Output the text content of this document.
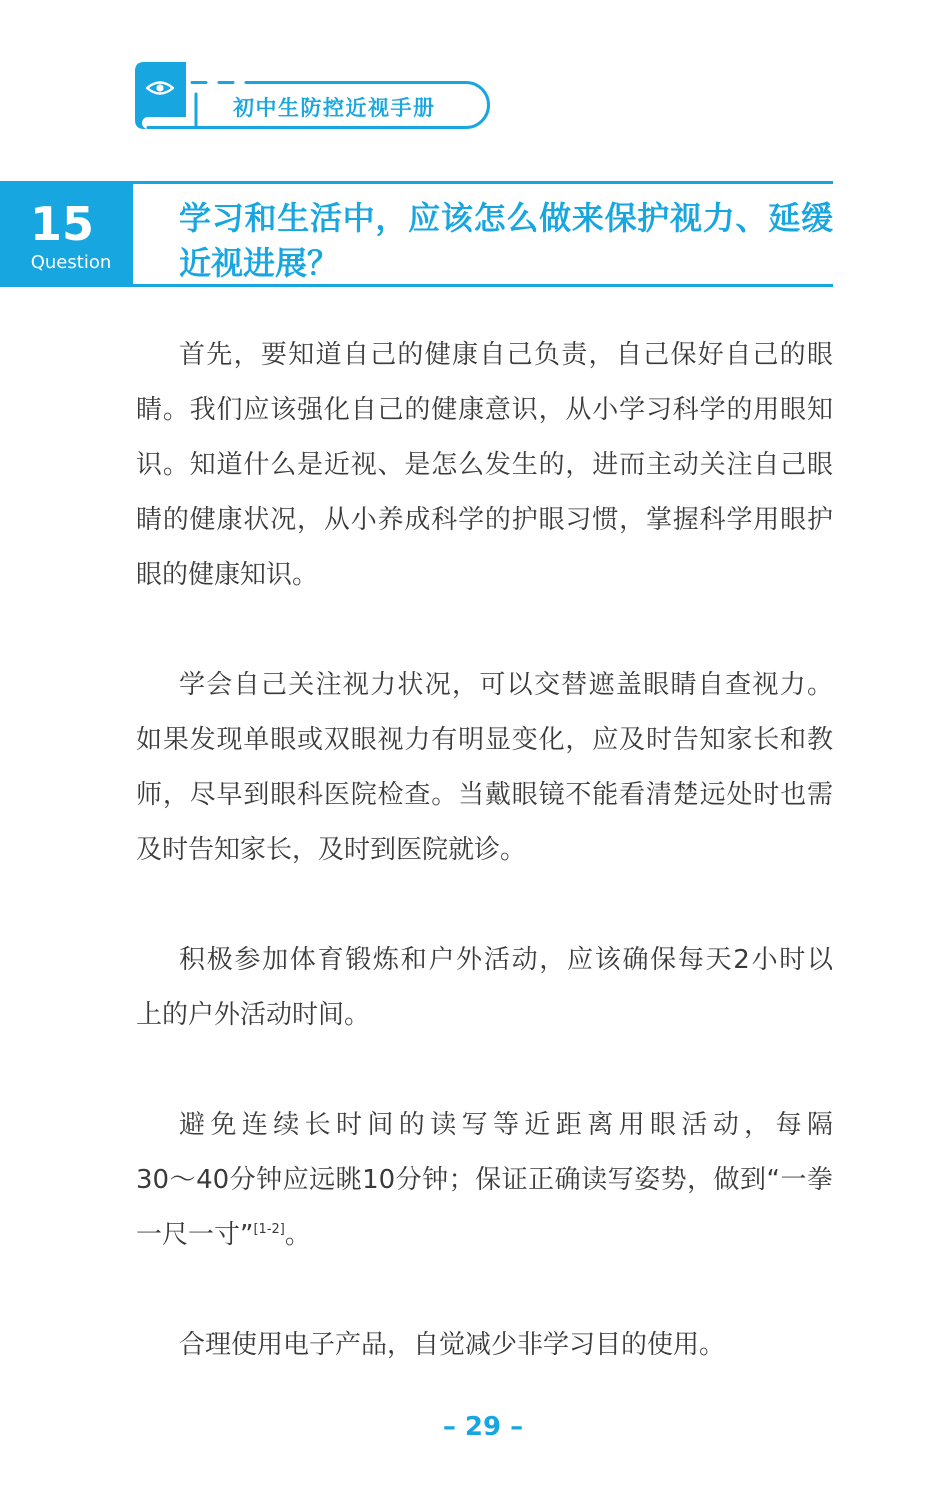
初中生防控近视手册
15
Question
学习和生活中，应该怎么做来保护视力、延缓
近视进展？
首先，要知道自己的健康自己负责，自己保好自己的眼
睛。我们应该强化自己的健康意识，从小学习科学的用眼知
识。知道什么是近视、是怎么发生的，进而主动关注自己眼
睛的健康状况，从小养成科学的护眼习惯，掌握科学用眼护
眼的健康知识。
学会自己关注视力状况，可以交替遮盖眼睛自查视力。
如果发现单眼或双眼视力有明显变化，应及时告知家长和教
师，尽早到眼科医院检查。当戴眼镜不能看清楚远处时也需
及时告知家长，及时到医院就诊。
积极参加体育锻炼和户外活动，应该确保每天2小时以
上的户外活动时间。
避免连续长时间的读写等近距离用眼活动，每隔
30～40分钟应远眺10分钟；保证正确读写姿势，做到“一拳
一尺一寸”[1-2]。
合理使用电子产品，自觉减少非学习目的使用。
– 29 –
